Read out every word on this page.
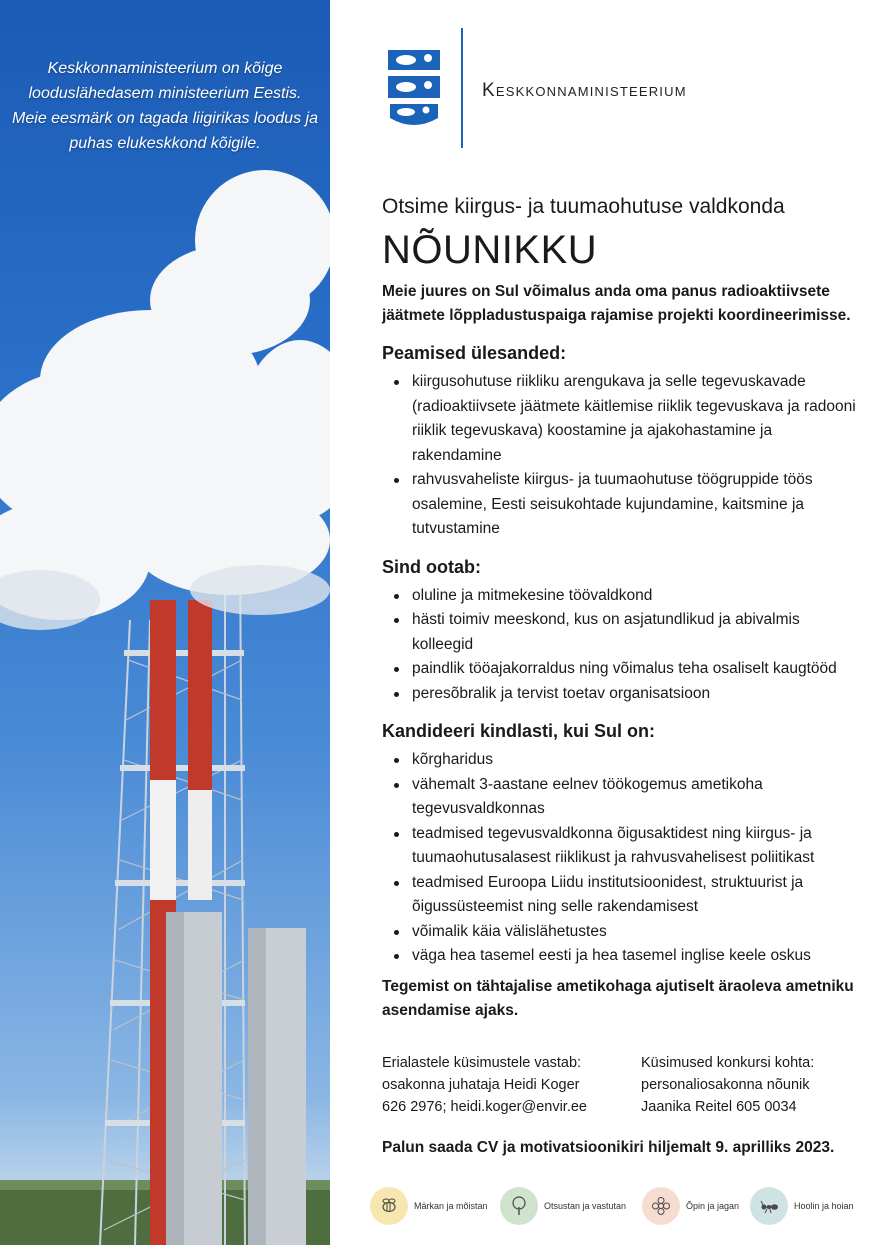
Keskkonnaministeerium on kõige looduslähedasem ministeerium Eestis. Meie eesmärk on tagada liigirikas loodus ja puhas elukeskkond kõigile.
Keskkonnaministeerium
Otsime kiirgus- ja tuumaohutuse valdkonda
NÕUNIKKU
Meie juures on Sul võimalus anda oma panus radioaktiivsete jäätmete lõppladustuspaiga rajamise projekti koordineerimisse.
Peamised ülesanded:
kiirgusohutuse riikliku arengukava ja selle tegevuskavade (radioaktiivsete jäätmete käitlemise riiklik tegevuskava ja radooni riiklik tegevuskava) koostamine ja ajakohastamine ja rakendamine
rahvusvaheliste kiirgus- ja tuumaohutuse töögruppide töös osalemine, Eesti seisukohtade kujundamine, kaitsmine ja tutvustamine
Sind ootab:
oluline ja mitmekesine töövaldkond
hästi toimiv meeskond, kus on asjatundlikud ja abivalmis kolleegid
paindlik tööajakorraldus ning võimalus teha osaliselt kaugtööd
peresõbralik ja tervist toetav organisatsioon
Kandideeri kindlasti, kui Sul on:
kõrgharidus
vähemalt 3-aastane eelnev töökogemus ametikoha tegevusvaldkonnas
teadmised tegevusvaldkonna õigusaktidest ning kiirgus- ja tuumaohutusalasest riiklikust ja rahvusvahelisest poliitikast
teadmised Euroopa Liidu institutsioonidest, struktuurist ja õigussüsteemist ning selle rakendamisest
võimalik käia välislähetustes
väga hea tasemel eesti ja hea tasemel inglise keele oskus
Tegemist on tähtajalise ametikohaga ajutiselt äraoleva ametniku asendamise ajaks.
Erialastele küsimustele vastab:
osakonna juhataja Heidi Koger
626 2976; heidi.koger@envir.ee
Küsimused konkursi kohta:
personaliosakonna nõunik
Jaanika Reitel 605 0034
Palun saada CV ja motivatsioonikiri hiljemalt 9. aprilliks 2023.
Märkan ja mõistan	Otsustan ja vastutan	Õpin ja jagan	Hoolin ja hoian
